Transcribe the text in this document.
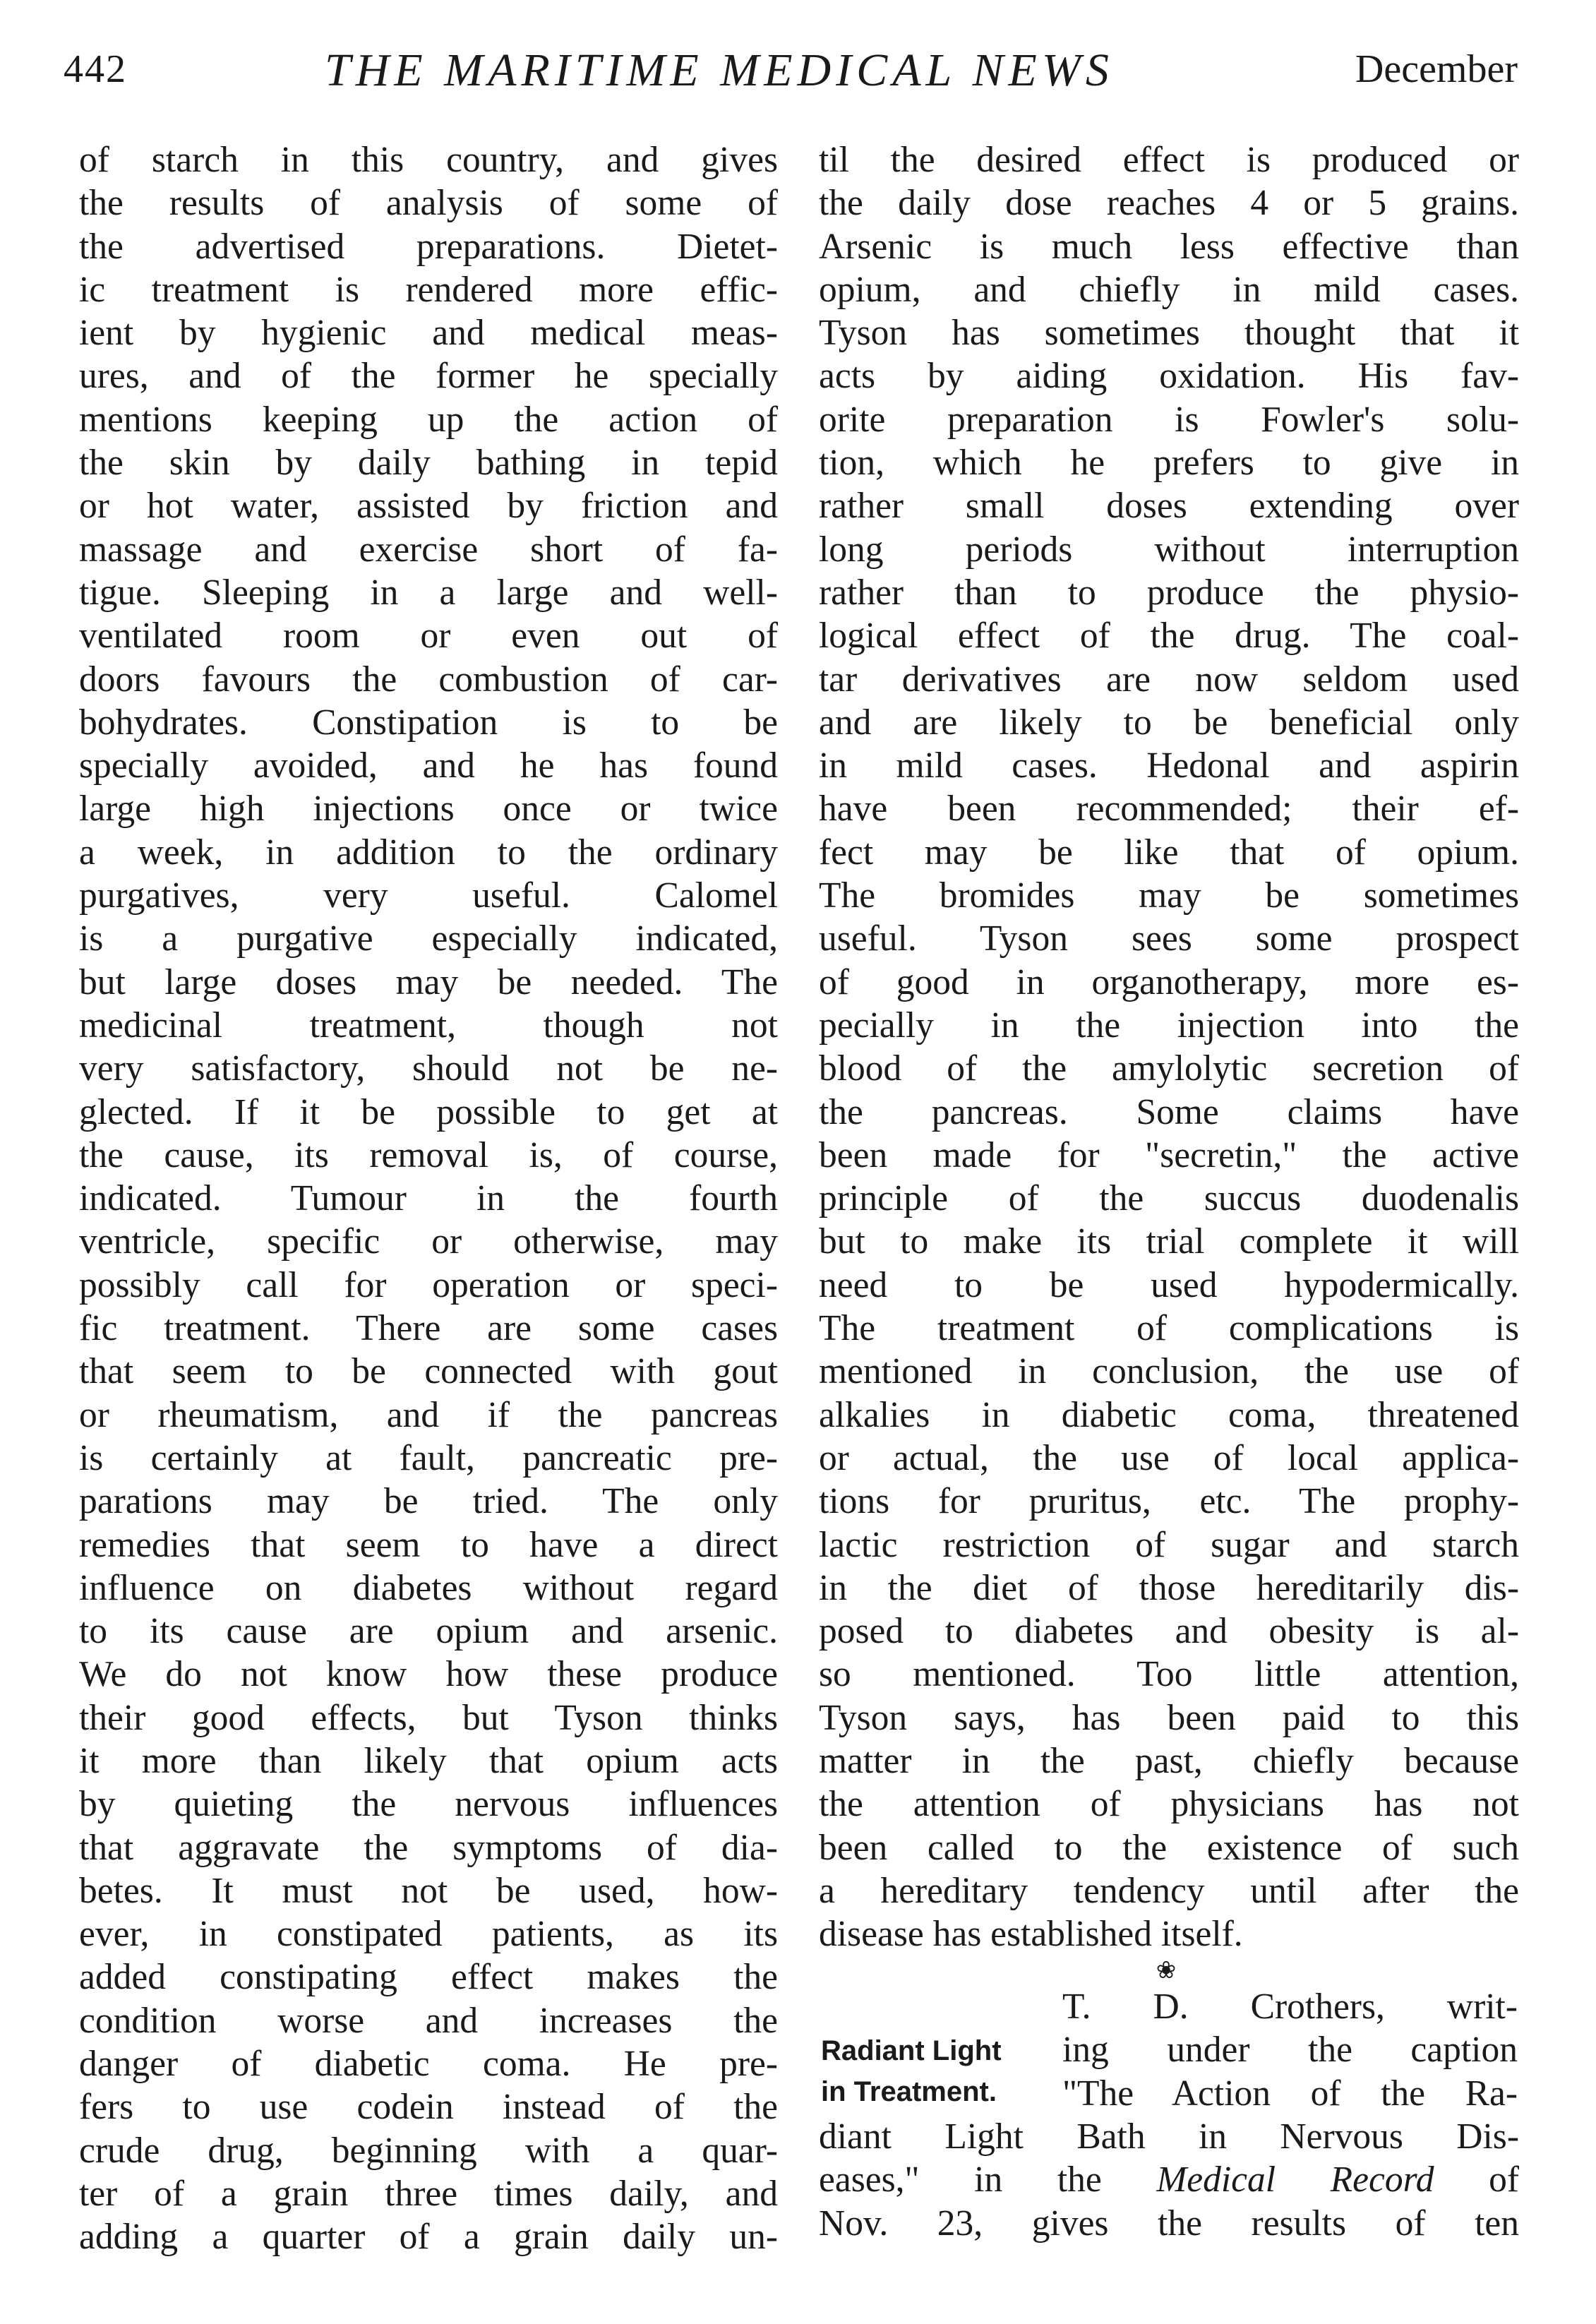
442	THE MARITIME MEDICAL NEWS	December
of starch in this country, and gives
the results of analysis of some of
the advertised preparations. Dietet-
ic treatment is rendered more effic-
ient by hygienic and medical meas-
ures, and of the former he specially
mentions keeping up the action of
the skin by daily bathing in tepid
or hot water, assisted by friction and
massage and exercise short of fa-
tigue. Sleeping in a large and well-
ventilated room or even out of
doors favours the combustion of car-
bohydrates. Constipation is to be
specially avoided, and he has found
large high injections once or twice
a week, in addition to the ordinary
purgatives, very useful. Calomel
is a purgative especially indicated,
but large doses may be needed. The
medicinal treatment, though not
very satisfactory, should not be ne-
glected. If it be possible to get at
the cause, its removal is, of course,
indicated. Tumour in the fourth
ventricle, specific or otherwise, may
possibly call for operation or speci-
fic treatment. There are some cases
that seem to be connected with gout
or rheumatism, and if the pancreas
is certainly at fault, pancreatic pre-
parations may be tried. The only
remedies that seem to have a direct
influence on diabetes without regard
to its cause are opium and arsenic.
We do not know how these produce
their good effects, but Tyson thinks
it more than likely that opium acts
by quieting the nervous influences
that aggravate the symptoms of dia-
betes. It must not be used, how-
ever, in constipated patients, as its
added constipating effect makes the
condition worse and increases the
danger of diabetic coma. He pre-
fers to use codein instead of the
crude drug, beginning with a quar-
ter of a grain three times daily, and
adding a quarter of a grain daily un-
til the desired effect is produced or
the daily dose reaches 4 or 5 grains.
Arsenic is much less effective than
opium, and chiefly in mild cases.
Tyson has sometimes thought that it
acts by aiding oxidation. His fav-
orite preparation is Fowler's solu-
tion, which he prefers to give in
rather small doses extending over
long periods without interruption
rather than to produce the physio-
logical effect of the drug. The coal-
tar derivatives are now seldom used
and are likely to be beneficial only
in mild cases. Hedonal and aspirin
have been recommended; their ef-
fect may be like that of opium.
The bromides may be sometimes
useful. Tyson sees some prospect
of good in organotherapy, more es-
pecially in the injection into the
blood of the amylolytic secretion of
the pancreas. Some claims have
been made for "secretin," the active
principle of the succus duodenalis
but to make its trial complete it will
need to be used hypodermically.
The treatment of complications is
mentioned in conclusion, the use of
alkalies in diabetic coma, threatened
or actual, the use of local applica-
tions for pruritus, etc. The prophy-
lactic restriction of sugar and starch
in the diet of those hereditarily dis-
posed to diabetes and obesity is al-
so mentioned. Too little attention,
Tyson says, has been paid to this
matter in the past, chiefly because
the attention of physicians has not
been called to the existence of such
a hereditary tendency until after the
disease has established itself.
❀
Radiant Light
in Treatment.
T. D. Crothers, writ-
ing under the caption
"The Action of the Ra-
diant Light Bath in Nervous Dis-
eases," in the Medical Record of
Nov. 23, gives the results of ten
